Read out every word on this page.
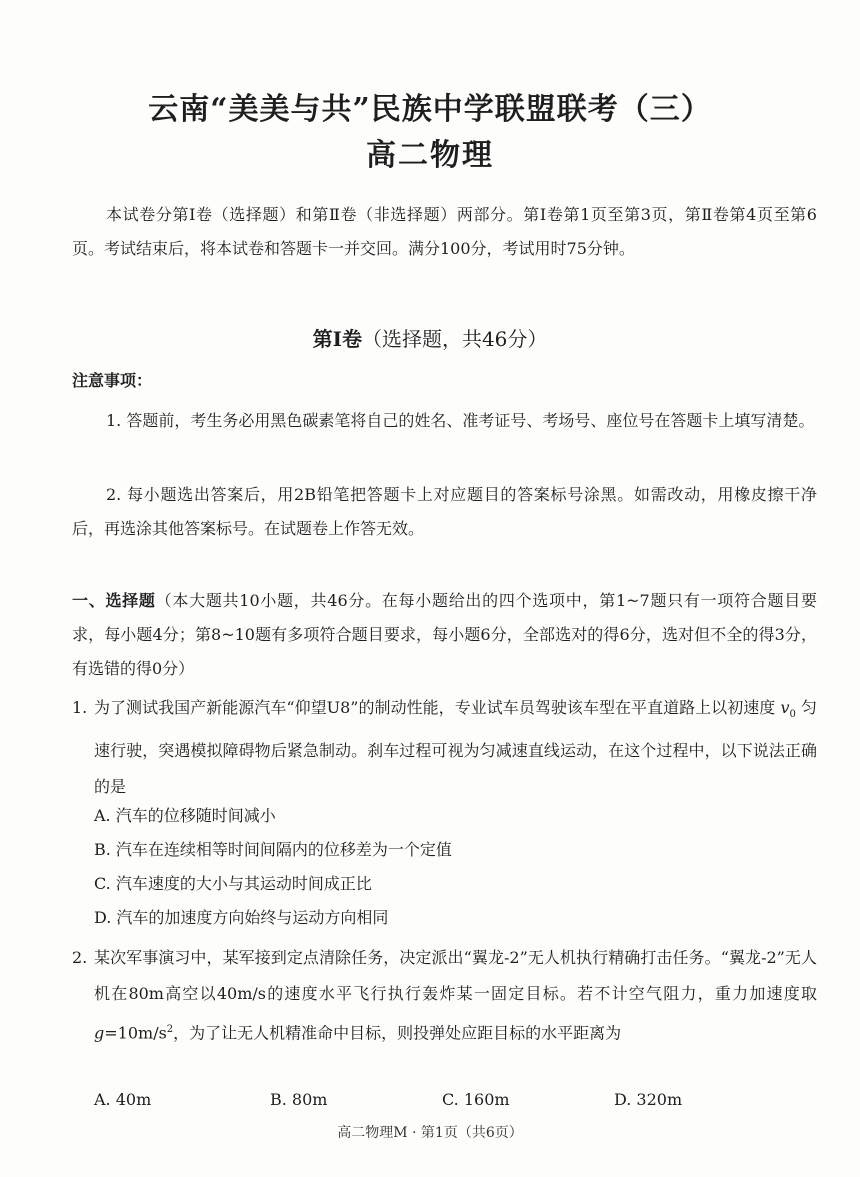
云南“美美与共”民族中学联盟联考（三）
高二物理
本试卷分第Ⅰ卷（选择题）和第Ⅱ卷（非选择题）两部分。第Ⅰ卷第1页至第3页，第Ⅱ卷第4页至第6页。考试结束后，将本试卷和答题卡一并交回。满分100分，考试用时75分钟。
第Ⅰ卷（选择题，共46分）
注意事项：
1. 答题前，考生务必用黑色碳素笔将自己的姓名、准考证号、考场号、座位号在答题卡上填写清楚。
2. 每小题选出答案后，用2B铅笔把答题卡上对应题目的答案标号涂黑。如需改动，用橡皮擦干净后，再选涂其他答案标号。在试题卷上作答无效。
一、选择题（本大题共10小题，共46分。在每小题给出的四个选项中，第1~7题只有一项符合题目要求，每小题4分；第8~10题有多项符合题目要求，每小题6分，全部选对的得6分，选对但不全的得3分，有选错的得0分）
1. 为了测试我国产新能源汽车“仰望U8”的制动性能，专业试车员驾驶该车型在平直道路上以初速度 $v_0$ 匀速行驶，突遇模拟障碍物后紧急制动。刹车过程可视为匀减速直线运动，在这个过程中，以下说法正确的是
A. 汽车的位移随时间减小
B. 汽车在连续相等时间间隔内的位移差为一个定值
C. 汽车速度的大小与其运动时间成正比
D. 汽车的加速度方向始终与运动方向相同
2. 某次军事演习中，某军接到定点清除任务，决定派出“翼龙-2”无人机执行精确打击任务。“翼龙-2”无人机在80m高空以40m/s的速度水平飞行执行轰炸某一固定目标。若不计空气阻力，重力加速度取 $g=10m/s^2$，为了让无人机精准命中目标，则投弹处应距目标的水平距离为
A. 40m	B. 80m	C. 160m	D. 320m
高二物理M · 第1页（共6页）
